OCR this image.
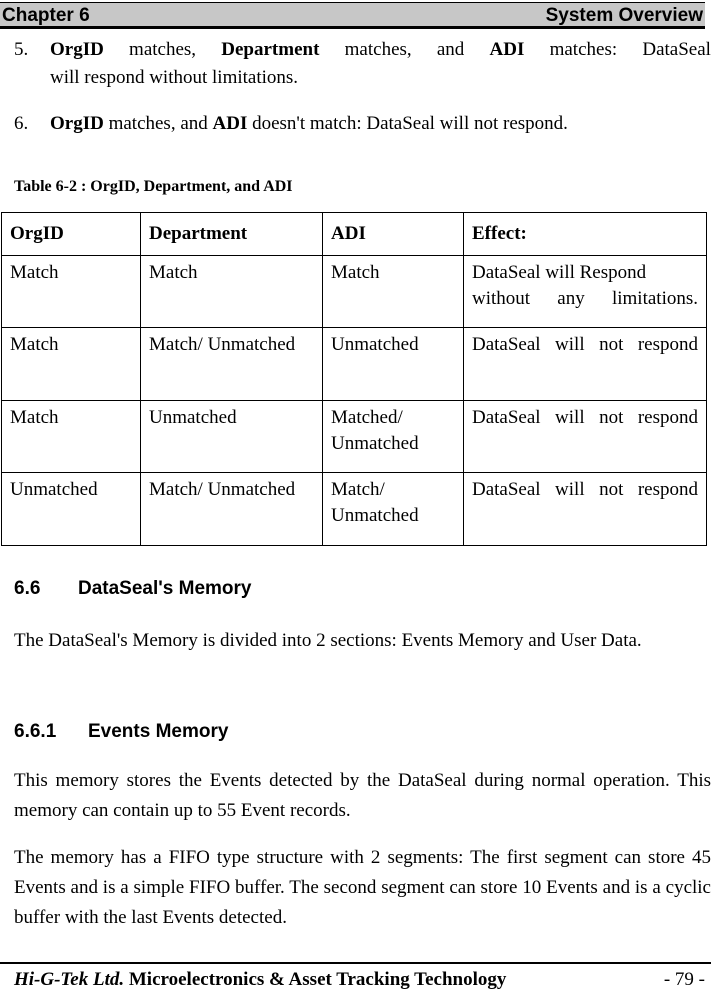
Chapter 6	System Overview
5. OrgID matches, Department matches, and ADI matches: DataSeal
will respond without limitations.
6. OrgID matches, and ADI doesn't match: DataSeal will not respond.
Table 6-2 : OrgID, Department, and ADI
OrgID	Department	ADI	Effect:
Match	Match	Match	DataSeal will Respond without any limitations.
Match	Match/ Unmatched	Unmatched	DataSeal will not respond
Match	Unmatched	Matched/ Unmatched	DataSeal will not respond
Unmatched	Match/ Unmatched	Match/ Unmatched	DataSeal will not respond
6.6 DataSeal's Memory
The DataSeal's Memory is divided into 2 sections: Events Memory and User Data.
6.6.1 Events Memory
This memory stores the Events detected by the DataSeal during normal operation. This memory can contain up to 55 Event records.
The memory has a FIFO type structure with 2 segments: The first segment can store 45 Events and is a simple FIFO buffer. The second segment can store 10 Events and is a cyclic buffer with the last Events detected.
Hi-G-Tek Ltd. Microelectronics & Asset Tracking Technology	- 79 -
